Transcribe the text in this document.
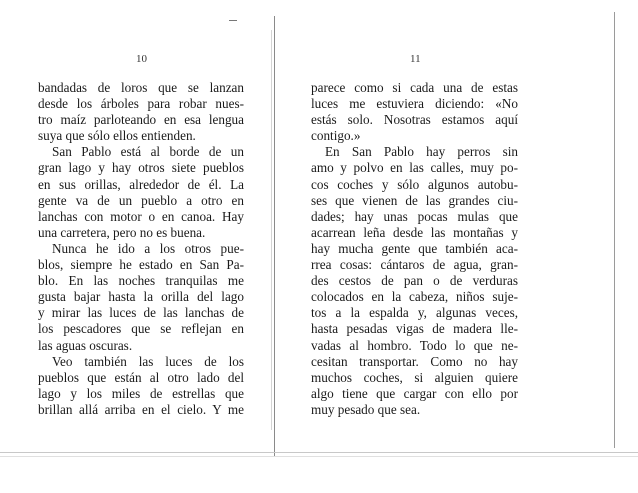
10	11
bandadas de loros que se lanzan
desde los árboles para robar nues-
tro maíz parloteando en esa lengua
suya que sólo ellos entienden.
San Pablo está al borde de un
gran lago y hay otros siete pueblos
en sus orillas, alrededor de él. La
gente va de un pueblo a otro en
lanchas con motor o en canoa. Hay
una carretera, pero no es buena.
Nunca he ido a los otros pue-
blos, siempre he estado en San Pa-
blo. En las noches tranquilas me
gusta bajar hasta la orilla del lago
y mirar las luces de las lanchas de
los pescadores que se reflejan en
las aguas oscuras.
Veo también las luces de los
pueblos que están al otro lado del
lago y los miles de estrellas que
brillan allá arriba en el cielo. Y me
parece como si cada una de estas
luces me estuviera diciendo: «No
estás solo. Nosotras estamos aquí
contigo.»
En San Pablo hay perros sin
amo y polvo en las calles, muy po-
cos coches y sólo algunos autobu-
ses que vienen de las grandes ciu-
dades; hay unas pocas mulas que
acarrean leña desde las montañas y
hay mucha gente que también aca-
rrea cosas: cántaros de agua, gran-
des cestos de pan o de verduras
colocados en la cabeza, niños suje-
tos a la espalda y, algunas veces,
hasta pesadas vigas de madera lle-
vadas al hombro. Todo lo que ne-
cesitan transportar. Como no hay
muchos coches, si alguien quiere
algo tiene que cargar con ello por
muy pesado que sea.
